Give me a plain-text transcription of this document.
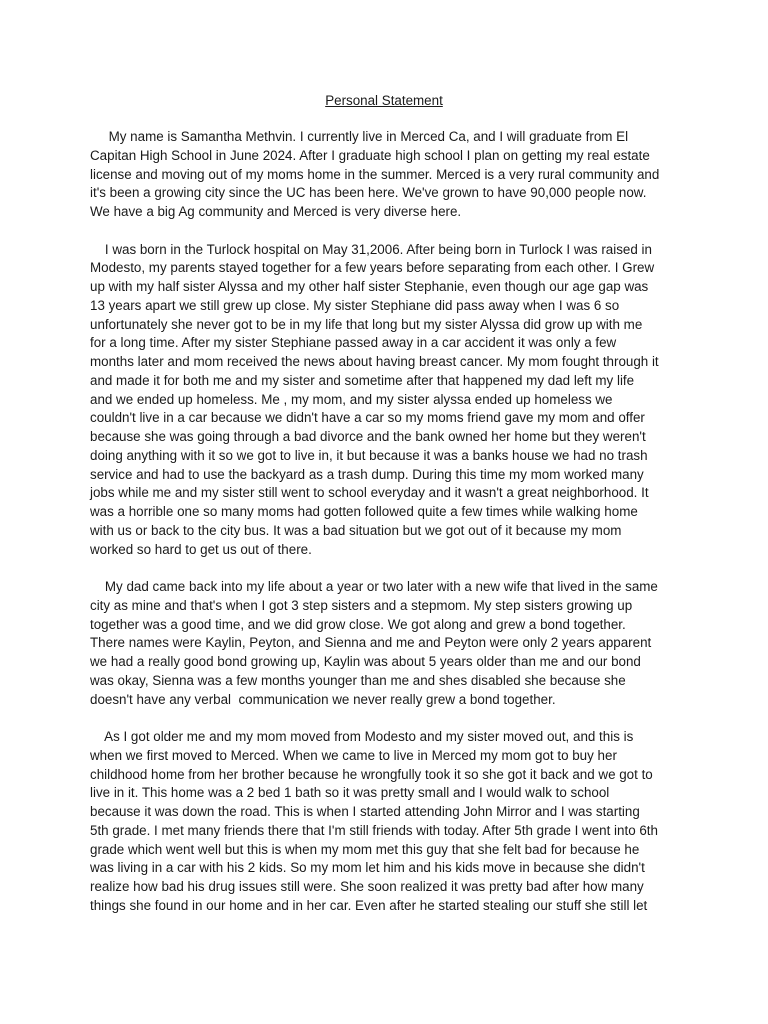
Personal Statement
My name is Samantha Methvin. I currently live in Merced Ca, and I will graduate from El
Capitan High School in June 2024. After I graduate high school I plan on getting my real estate
license and moving out of my moms home in the summer. Merced is a very rural community and
it's been a growing city since the UC has been here. We've grown to have 90,000 people now.
We have a big Ag community and Merced is very diverse here.
I was born in the Turlock hospital on May 31,2006. After being born in Turlock I was raised in
Modesto, my parents stayed together for a few years before separating from each other. I Grew
up with my half sister Alyssa and my other half sister Stephanie, even though our age gap was
13 years apart we still grew up close. My sister Stephiane did pass away when I was 6 so
unfortunately she never got to be in my life that long but my sister Alyssa did grow up with me
for a long time. After my sister Stephiane passed away in a car accident it was only a few
months later and mom received the news about having breast cancer. My mom fought through it
and made it for both me and my sister and sometime after that happened my dad left my life
and we ended up homeless. Me , my mom, and my sister alyssa ended up homeless we
couldn't live in a car because we didn't have a car so my moms friend gave my mom and offer
because she was going through a bad divorce and the bank owned her home but they weren't
doing anything with it so we got to live in, it but because it was a banks house we had no trash
service and had to use the backyard as a trash dump. During this time my mom worked many
jobs while me and my sister still went to school everyday and it wasn't a great neighborhood. It
was a horrible one so many moms had gotten followed quite a few times while walking home
with us or back to the city bus. It was a bad situation but we got out of it because my mom
worked so hard to get us out of there.
My dad came back into my life about a year or two later with a new wife that lived in the same
city as mine and that's when I got 3 step sisters and a stepmom. My step sisters growing up
together was a good time, and we did grow close. We got along and grew a bond together.
There names were Kaylin, Peyton, and Sienna and me and Peyton were only 2 years apparent
we had a really good bond growing up, Kaylin was about 5 years older than me and our bond
was okay, Sienna was a few months younger than me and shes disabled she because she
doesn't have any verbal  communication we never really grew a bond together.
As I got older me and my mom moved from Modesto and my sister moved out, and this is
when we first moved to Merced. When we came to live in Merced my mom got to buy her
childhood home from her brother because he wrongfully took it so she got it back and we got to
live in it. This home was a 2 bed 1 bath so it was pretty small and I would walk to school
because it was down the road. This is when I started attending John Mirror and I was starting
5th grade. I met many friends there that I'm still friends with today. After 5th grade I went into 6th
grade which went well but this is when my mom met this guy that she felt bad for because he
was living in a car with his 2 kids. So my mom let him and his kids move in because she didn't
realize how bad his drug issues still were. She soon realized it was pretty bad after how many
things she found in our home and in her car. Even after he started stealing our stuff she still let
